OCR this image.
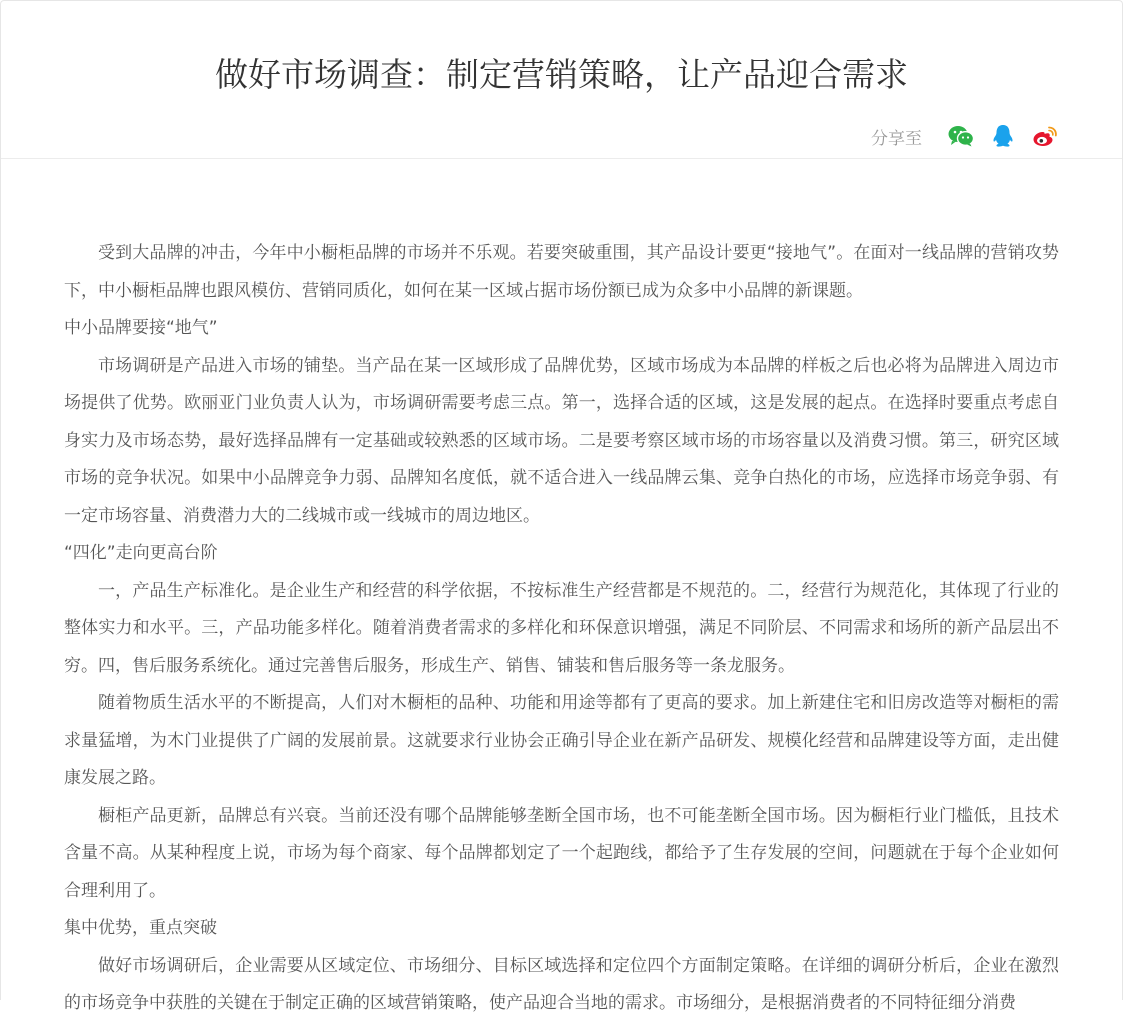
做好市场调查：制定营销策略，让产品迎合需求
分享至

受到大品牌的冲击，今年中小橱柜品牌的市场并不乐观。若要突破重围，其产品设计要更“接地气”。在面对一线品牌的营销攻势下，中小橱柜品牌也跟风模仿、营销同质化，如何在某一区域占据市场份额已成为众多中小品牌的新课题。

中小品牌要接“地气”

市场调研是产品进入市场的铺垫。当产品在某一区域形成了品牌优势，区域市场成为本品牌的样板之后也必将为品牌进入周边市场提供了优势。欧丽亚门业负责人认为，市场调研需要考虑三点。第一，选择合适的区域，这是发展的起点。在选择时要重点考虑自身实力及市场态势，最好选择品牌有一定基础或较熟悉的区域市场。二是要考察区域市场的市场容量以及消费习惯。第三，研究区域市场的竞争状况。如果中小品牌竞争力弱、品牌知名度低，就不适合进入一线品牌云集、竞争白热化的市场，应选择市场竞争弱、有一定市场容量、消费潜力大的二线城市或一线城市的周边地区。

“四化”走向更高台阶

一，产品生产标准化。是企业生产和经营的科学依据，不按标准生产经营都是不规范的。二，经营行为规范化，其体现了行业的整体实力和水平。三，产品功能多样化。随着消费者需求的多样化和环保意识增强，满足不同阶层、不同需求和场所的新产品层出不穷。四，售后服务系统化。通过完善售后服务，形成生产、销售、铺装和售后服务等一条龙服务。

随着物质生活水平的不断提高，人们对木橱柜的品种、功能和用途等都有了更高的要求。加上新建住宅和旧房改造等对橱柜的需求量猛增，为木门业提供了广阔的发展前景。这就要求行业协会正确引导企业在新产品研发、规模化经营和品牌建设等方面，走出健康发展之路。

橱柜产品更新，品牌总有兴衰。当前还没有哪个品牌能够垄断全国市场，也不可能垄断全国市场。因为橱柜行业门槛低，且技术含量不高。从某种程度上说，市场为每个商家、每个品牌都划定了一个起跑线，都给予了生存发展的空间，问题就在于每个企业如何合理利用了。

集中优势，重点突破

做好市场调研后，企业需要从区域定位、市场细分、目标区域选择和定位四个方面制定策略。在详细的调研分析后，企业在激烈的市场竞争中获胜的关键在于制定正确的区域营销策略，使产品迎合当地的需求。市场细分，是根据消费者的不同特征细分消费
